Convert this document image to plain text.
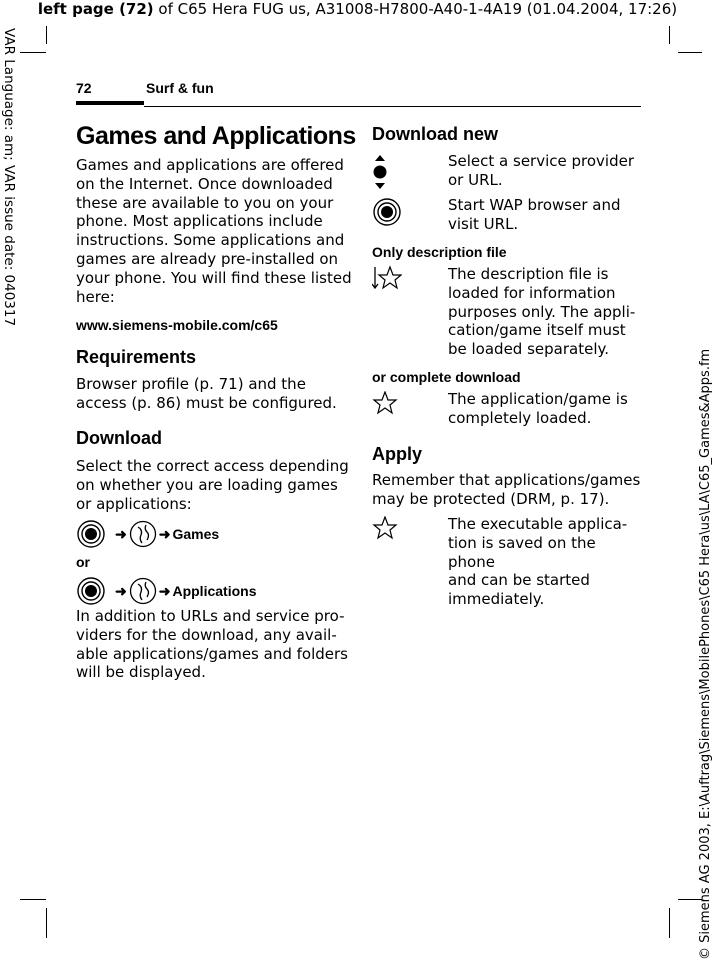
left page (72) of C65 Hera FUG us, A31008-H7800-A40-1-4A19 (01.04.2004, 17:26)
VAR Language: am; VAR issue date: 040317
© Siemens AG 2003, E:\Auftrag\Siemens\MobilePhones\C65 Hera\us\LA\C65_Games&Apps.fm
72	Surf & fun
Games and Applications
Games and applications are offered
on the Internet. Once downloaded
these are available to you on your
phone. Most applications include
instructions. Some applications and
games are already pre-installed on
your phone. You will find these listed
here:
www.siemens-mobile.com/c65
Requirements
Browser profile (p. 71) and the
access (p. 86) must be configured.
Download
Select the correct access depending
on whether you are loading games
or applications:
➜ ➜ Games
or
➜ ➜ Applications
In addition to URLs and service pro-
viders for the download, any avail-
able applications/games and folders
will be displayed.
Download new
Select a service provider
or URL.
Start WAP browser and
visit URL.
Only description file
The description file is
loaded for information
purposes only. The appli-
cation/game itself must
be loaded separately.
or complete download
The application/game is
completely loaded.
Apply
Remember that applications/games
may be protected (DRM, p. 17).
The executable applica-
tion is saved on the phone
and can be started
immediately.
